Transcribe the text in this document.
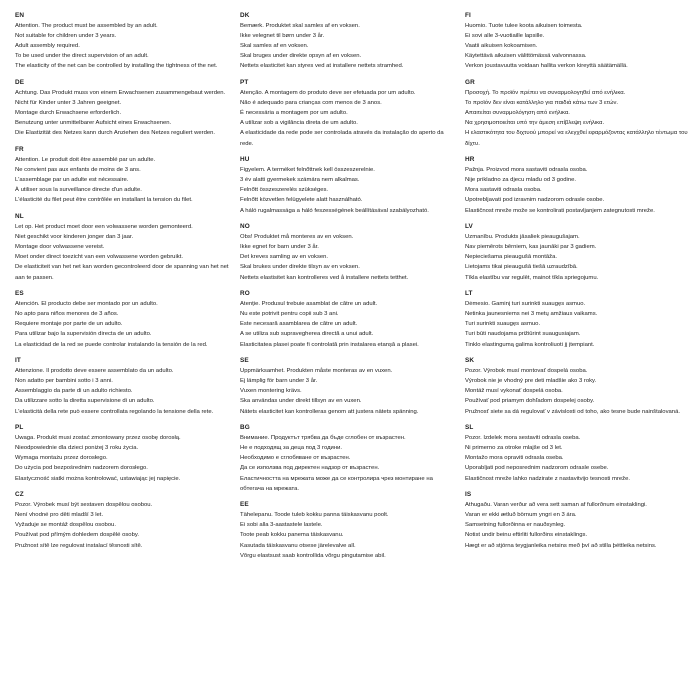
EN
Attention. The product must be assembled by an adult.
Not suitable for children under 3 years.
Adult assembly required.
To be used under the direct supervision of an adult.
The elasticity of the net can be controlled by installing the tightness of the net.
DE
Achtung. Das Produkt muss von einem Erwachsenen zusammengebaut werden.
Nicht für Kinder unter 3 Jahren geeignet.
Montage durch Erwachsene erforderlich.
Benutzung unter unmittelbarer Aufsicht eines Erwachsenen.
Die Elastizität des Netzes kann durch Anziehen des Netzes reguliert werden.
FR
Attention. Le produit doit être assemblé par un adulte.
Ne convient pas aux enfants de moins de 3 ans.
L'assemblage par un adulte est nécessaire.
À utiliser sous la surveillance directe d'un adulte.
L'élasticité du filet peut être contrôlée en installant la tension du filet.
NL
Let op. Het product moet door een volwassene worden gemonteerd.
Niet geschikt voor kinderen jonger dan 3 jaar.
Montage door volwassene vereist.
Moet onder direct toezicht van een volwassene worden gebruikt.
De elasticiteit van het net kan worden gecontroleerd door de spanning van het net aan te passen.
ES
Atención. El producto debe ser montado por un adulto.
No apto para niños menores de 3 años.
Requiere montaje por parte de un adulto.
Para utilizar bajo la supervisión directa de un adulto.
La elasticidad de la red se puede controlar instalando la tensión de la red.
IT
Attenzione. Il prodotto deve essere assemblato da un adulto.
Non adatto per bambini sotto i 3 anni.
Assemblaggio da parte di un adulto richiesto.
Da utilizzare sotto la diretta supervisione di un adulto.
L'elasticità della rete può essere controllata regolando la tensione della rete.
PL
Uwaga. Produkt musi zostać zmontowany przez osobę dorosłą.
Nieodpowiednie dla dzieci poniżej 3 roku życia.
Wymaga montażu przez dorosłego.
Do użycia pod bezpośrednim nadzorem dorosłego.
Elastyczność siatki można kontrolować, ustawiając jej napięcie.
CZ
Pozor. Výrobek musí být sestaven dospělou osobou.
Není vhodné pro děti mladší 3 let.
Vyžaduje se montáž dospělou osobou.
Používat pod přímým dohledem dospělé osoby.
Pružnost sítě lze regulovat instalací těsnosti sítě.
DK
Bemærk. Produktet skal samles af en voksen.
Ikke velegnet til børn under 3 år.
Skal samles af en voksen.
Skal bruges under direkte opsyn af en voksen.
Nettets elasticitet kan styres ved at installere nettets stramhed.
PT
Atenção. A montagem do produto deve ser efetuada por um adulto.
Não é adequado para crianças com menos de 3 anos.
É necessária a montagem por um adulto.
A utilizar sob a vigilância direta de um adulto.
A elasticidade da rede pode ser controlada através da instalação do aperto da rede.
HU
Figyelem. A terméket felnőttnek kell összeszerelnie.
3 év alatti gyermekek számára nem alkalmas.
Felnőtt összeszerelés szükséges.
Felnőtt közvetlen felügyelete alatt használható.
A háló rugalmassága a háló feszességének beállításával szabályozható.
NO
Obs! Produktet må monteres av en voksen.
Ikke egnet for barn under 3 år.
Det kreves samling av en voksen.
Skal brukes under direkte tilsyn av en voksen.
Nettets elastisitet kan kontrolleres ved å installere nettets tetthet.
RO
Atenție. Produsul trebuie asamblat de către un adult.
Nu este potrivit pentru copii sub 3 ani.
Este necesară asamblarea de către un adult.
A se utiliza sub supravegherea directă a unui adult.
Elasticitatea plasei poate fi controlată prin instalarea etanșă a plasei.
SE
Uppmärksamhet. Produkten måste monteras av en vuxen.
Ej lämplig för barn under 3 år.
Vuxen montering krävs.
Ska användas under direkt tillsyn av en vuxen.
Nätets elasticitet kan kontrolleras genom att justera nätets spänning.
BG
Внимание. Продуктът трябва да бъде сглобен от възрастен.
Не е подходящ за деца под 3 години.
Необходимо е сглобяване от възрастен.
Да се използва под директен надзор от възрастен.
Еластичността на мрежата може да се контролира чрез монтиране на обтегача на мрежата.
EE
Tähelepanu. Toode tuleb kokku panna täiskasvanu poolt.
Ei sobi alla 3-aastastele lastele.
Toote peab kokku panema täiskasvanu.
Kasutada täiskasvanu otsese järelevalve all.
Võrgu elastsust saab kontrollida võrgu pingutamise abil.
FI
Huomio. Tuote tulee koota aikuisen toimesta.
Ei sovi alle 3-vuotiaille lapsille.
Vaatii aikuisen kokoamisen.
Käytettävä aikuisen välittömässä valvonnassa.
Verkon joustavuutta voidaan hallita verkon kireyttä säätämällä.
GR
Προσοχή. Το προϊόν πρέπει να συναρμολογηθεί από ενήλικα.
Το προϊόν δεν είναι κατάλληλο για παιδιά κάτω των 3 ετών.
Απαιτείται συναρμολόγηση από ενήλικα.
Να χρησιμοποιείται υπό την άμεση επίβλεψη ενήλικα.
Η ελαστικότητα του διχτυού μπορεί να ελεγχθεί εφαρμόζοντας κατάλληλο τέντωμα του δίχτυ.
HR
Pažnja. Proizvod mora sastaviti odrasla osoba.
Nije prikladno za djecu mlađu od 3 godine.
Mora sastaviti odrasla osoba.
Upotrebljavati pod izravnim nadzorom odrasle osobe.
Elastičnost mreže može se kontrolirati postavljanjem zategnutosti mreže.
LV
Uzmanību. Produkts jāsaliek pieaugušajam.
Nav piemērots bērniem, kas jaunāki par 3 gadiem.
Nepieciešama pieaugušā montāža.
Lietojams tikai pieaugušā tiešā uzraudzībā.
Tīkla elastību var regulēt, mainot tīkla spriegojumu.
LT
Dėmesio. Gaminį turi surinkti suaugęs asmuo.
Netinka jaunesniems nei 3 metų amžiaus vaikams.
Turi surinkti suaugęs asmuo.
Turi būti naudojama prižiūrint suaugusiajam.
Tinklo elastingumą galima kontroliuoti jį įtempiant.
SK
Pozor. Výrobok musí montovať dospelá osoba.
Výrobok nie je vhodný pre deti mladšie ako 3 roky.
Montáž musí vykonať dospelá osoba.
Používať pod priamym dohľadom dospelej osoby.
Pružnosť siete sa dá regulovať v závislosti od toho, ako tesne bude nainštalovaná.
SL
Pozor. Izdelek mora sestaviti odrasla oseba.
Ni primerno za otroke mlajše od 3 let.
Montažo mora opraviti odrasla oseba.
Uporabljati pod neposrednim nadzorom odrasle osebe.
Elastičnost mreže lahko nadzirate z nastavitvijo tesnosti mreže.
IS
Athugaðu. Varan verður að vera sett saman af fullorðnum einstaklingi.
Varan er ekki ætluð börnum yngri en 3 ára.
Samsetning fullorðinna er nauðsynleg.
Notist undir beinu eftirliti fullorðins einstaklings.
Hægt er að stjórna teygjanleika netsins með því að stilla þéttleika netsins.
